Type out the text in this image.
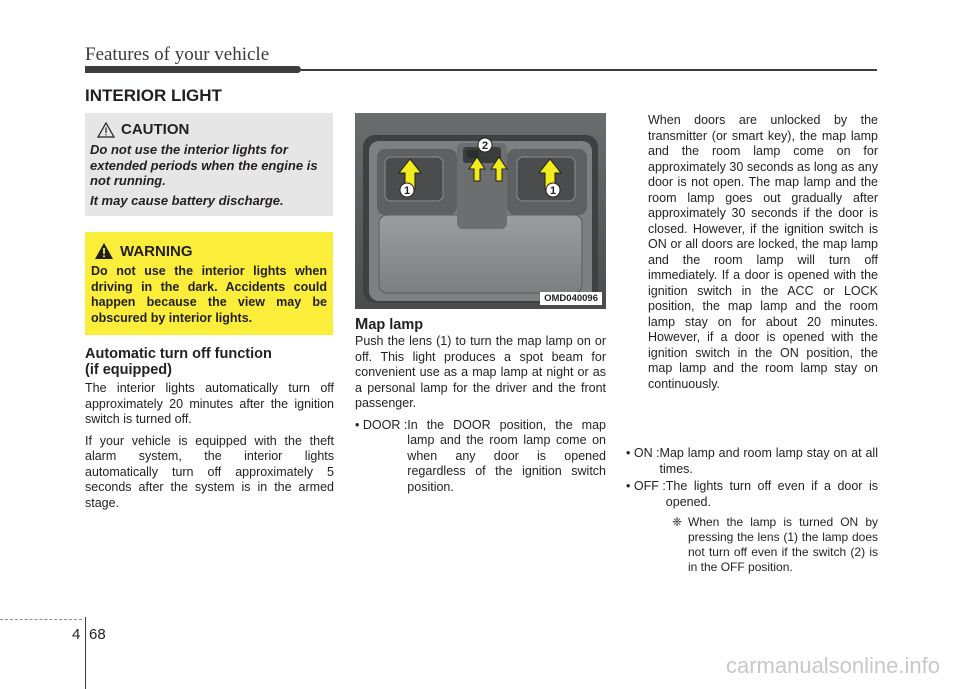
Features of your vehicle
INTERIOR LIGHT
CAUTION

Do not use the interior lights for extended periods when the engine is not running.

It may cause battery discharge.

WARNING
Do not use the interior lights when driving in the dark. Accidents could happen because the view may be obscured by interior lights.
Automatic turn off function
(if equipped)

The interior lights automatically turn off approximately 20 minutes after the ignition switch is turned off.

If your vehicle is equipped with the theft alarm system, the interior lights automatically turn off approximately 5 seconds after the system is in the armed stage.

1	1
2
OMD040096
Map lamp

Push the lens (1) to turn the map lamp on or off. This light produces a spot beam for convenient use as a map lamp at night or as a personal lamp for the driver and the front passenger.

• DOOR : In the DOOR position, the map lamp and the room lamp come on when any door is opened regardless of the ignition switch position.
When doors are unlocked by the transmitter (or smart key), the map lamp and the room lamp come on for approximately 30 seconds as long as any door is not open. The map lamp and the room lamp goes out gradually after approximately 30 seconds if the door is closed. However, if the ignition switch is ON or all doors are locked, the map lamp and the room lamp will turn off immediately. If a door is opened with the ignition switch in the ACC or LOCK position, the map lamp and the room lamp stay on for about 20 minutes. However, if a door is opened with the ignition switch in the ON position, the map lamp and the room lamp stay on continuously.
• ON : Map lamp and room lamp stay on at all times.
• OFF : The lights turn off even if a door is opened.
❈ When the lamp is turned ON by pressing the lens (1) the lamp does not turn off even if the switch (2) is in the OFF position.
4 68
carmanualsonline.info
